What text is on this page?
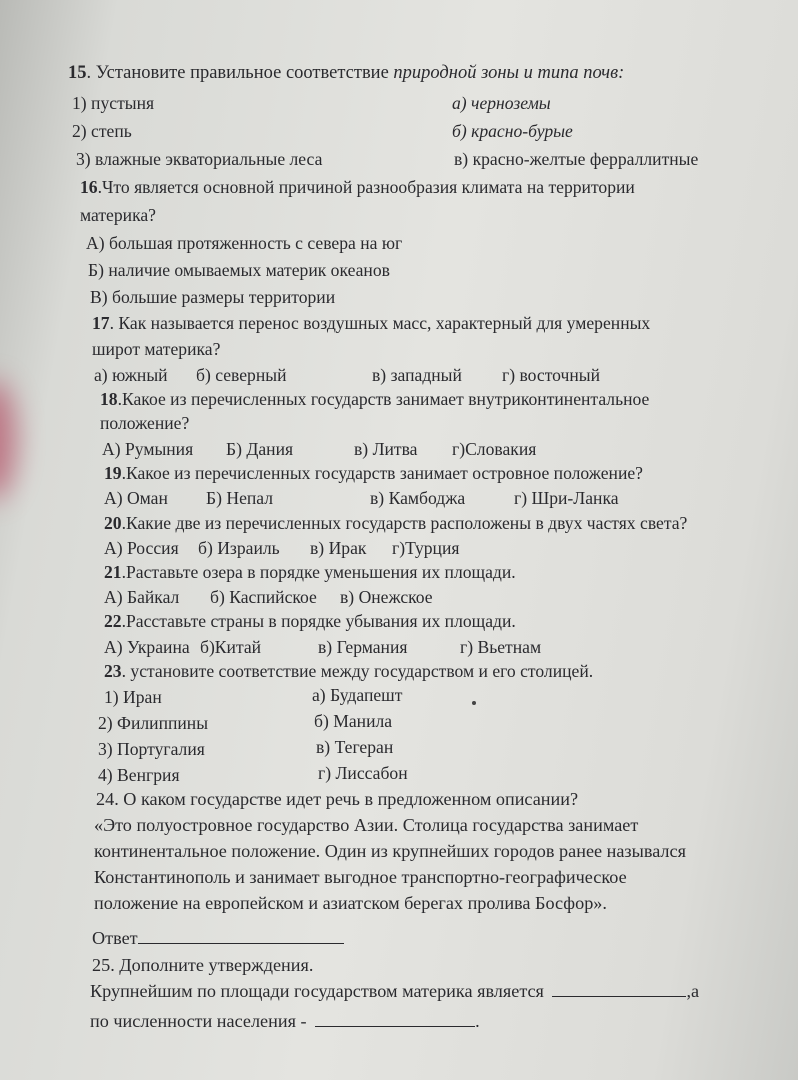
15. Установите правильное соответствие природной зоны и типа почв:
1) пустыня	а) черноземы
2) степь	б) красно-бурые
3) влажные экваториальные леса	в) красно-желтые ферраллитные
16.Что является основной причиной разнообразия климата на территории
материка?
А) большая протяженность с севера на юг
Б) наличие омываемых материк океанов
В) большие размеры территории
17. Как называется перенос воздушных масс, характерный для умеренных
широт материка?
а) южный б) северный	в) западный г) восточный
18.Какое из перечисленных государств занимает внутриконтинентальное
положение?
А) Румыния Б) Дания	в) Литва г)Словакия
19.Какое из перечисленных государств занимает островное положение?
А) Оман Б) Непал	в) Камбоджа	г) Шри-Ланка
20.Какие две из перечисленных государств расположены в двух частях света?
А) Россия б) Израиль в) Ирак г)Турция
21.Раставьте озера в порядке уменьшения их площади.
А) Байкал б) Каспийское в) Онежское
22.Расставьте страны в порядке убывания их площади.
А) Украина б)Китай	в) Германия	г) Вьетнам
23. установите соответствие между государством и его столицей.
1) Иран	а) Будапешт
2) Филиппины	б) Манила
3) Португалия	в) Тегеран
4) Венгрия	г) Лиссабон
24. О каком государстве идет речь в предложенном описании?
«Это полуостровное государство Азии. Столица государства занимает
континентальное положение. Один из крупнейших городов ранее назывался
Константинополь и занимает выгодное транспортно-географическое
положение на европейском и азиатском берегах пролива Босфор».
Ответ
25. Дополните утверждения.
Крупнейшим по площади государством материка является	,а
по численности населения -	.
